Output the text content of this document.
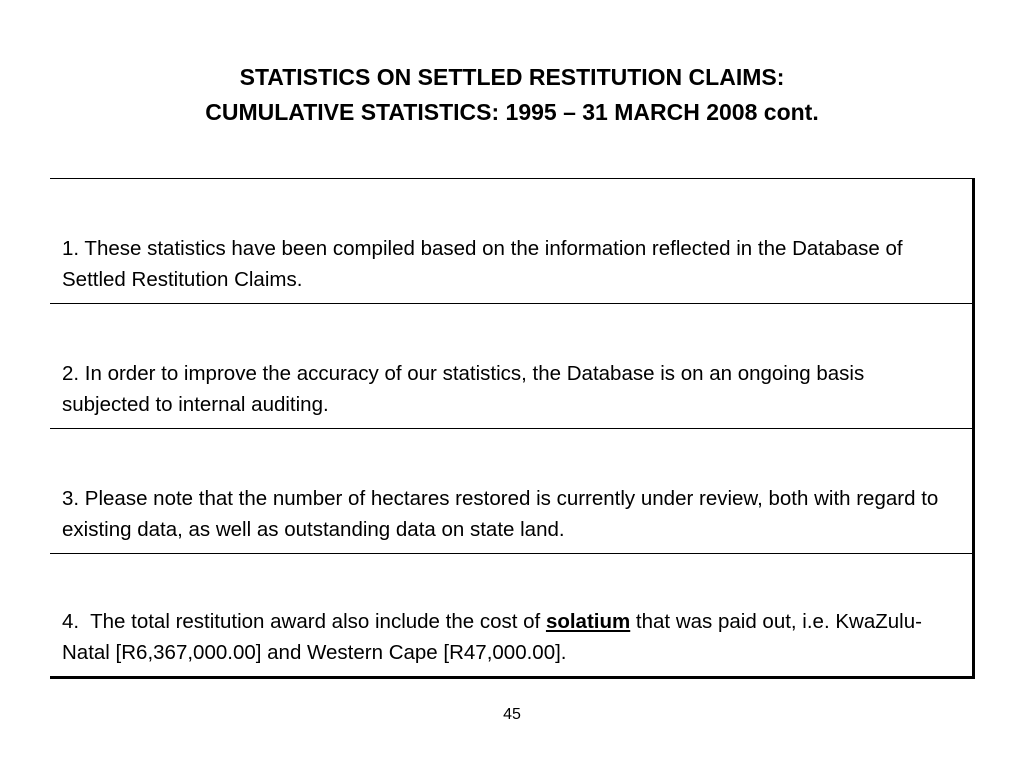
STATISTICS ON SETTLED RESTITUTION CLAIMS:
CUMULATIVE STATISTICS: 1995 – 31 MARCH 2008 cont.
1. These statistics have been compiled based on the information reflected in the Database of Settled Restitution Claims.
2. In order to improve the accuracy of our statistics, the Database is on an ongoing basis subjected to internal auditing.
3. Please note that the number of hectares restored is currently under review, both with regard to existing data, as well as outstanding data on state land.
4.  The total restitution award also include the cost of solatium that was paid out, i.e. KwaZulu-Natal [R6,367,000.00] and Western Cape [R47,000.00].
45
